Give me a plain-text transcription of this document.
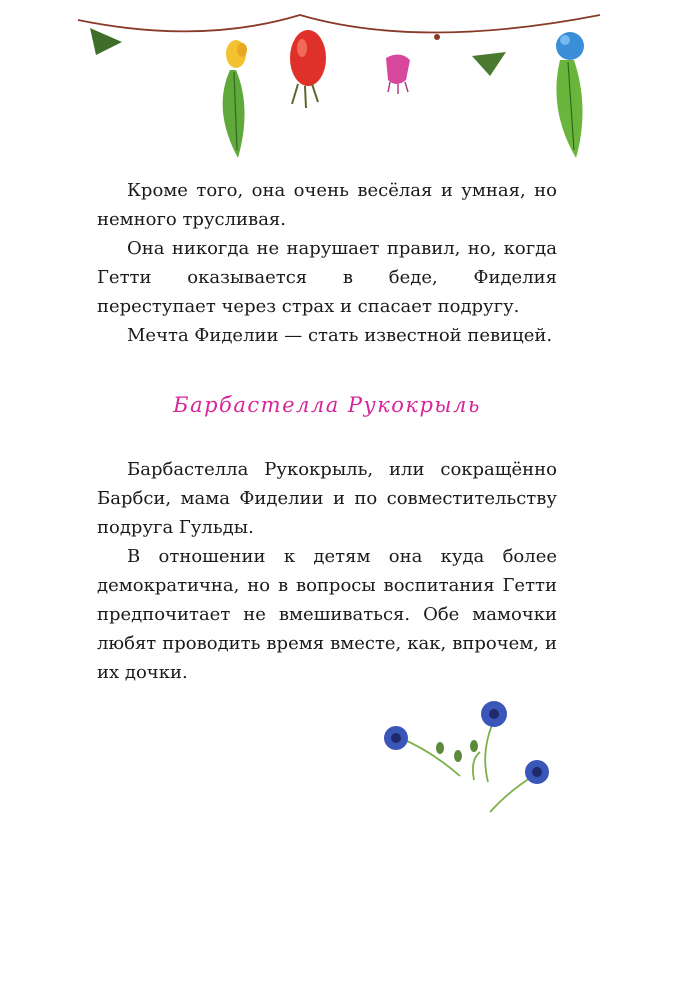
Кроме того, она очень весёлая и умная, но немного трусливая.

Она никогда не нарушает правил, но, когда Гетти оказывается в беде, Фиделия переступает через страх и спасает подругу.

Мечта Фиделии — стать известной певицей.

Барбастелла Рукокрыль

Барбастелла Рукокрыль, или сокращённо Барбси, мама Фиделии и по совместительству подруга Гульды.

В отношении к детям она куда более демократична, но в вопросы воспитания Гетти предпочитает не вмешиваться. Обе мамочки любят проводить время вместе, как, впрочем, и их дочки.
